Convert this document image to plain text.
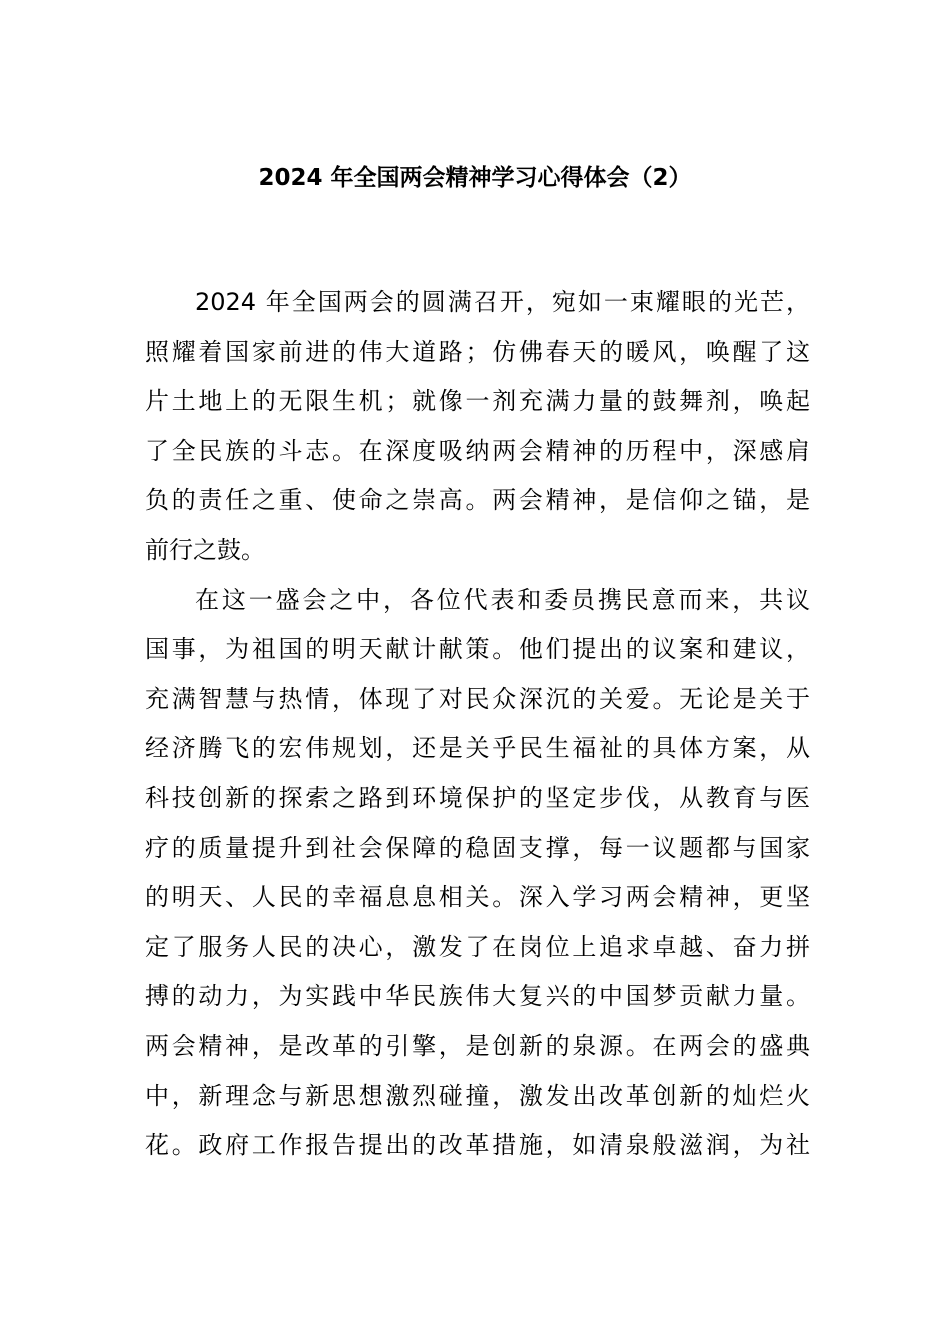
2024 年全国两会精神学习心得体会（2）
2024 年全国两会的圆满召开，宛如一束耀眼的光芒，
照耀着国家前进的伟大道路；仿佛春天的暖风，唤醒了这
片土地上的无限生机；就像一剂充满力量的鼓舞剂，唤起
了全民族的斗志。在深度吸纳两会精神的历程中，深感肩
负的责任之重、使命之崇高。两会精神，是信仰之锚，是
前行之鼓。
在这一盛会之中，各位代表和委员携民意而来，共议
国事，为祖国的明天献计献策。他们提出的议案和建议，
充满智慧与热情，体现了对民众深沉的关爱。无论是关于
经济腾飞的宏伟规划，还是关乎民生福祉的具体方案，从
科技创新的探索之路到环境保护的坚定步伐，从教育与医
疗的质量提升到社会保障的稳固支撑，每一议题都与国家
的明天、人民的幸福息息相关。深入学习两会精神，更坚
定了服务人民的决心，激发了在岗位上追求卓越、奋力拼
搏的动力，为实践中华民族伟大复兴的中国梦贡献力量。
两会精神，是改革的引擎，是创新的泉源。在两会的盛典
中，新理念与新思想激烈碰撞，激发出改革创新的灿烂火
花。政府工作报告提出的改革措施，如清泉般滋润，为社
